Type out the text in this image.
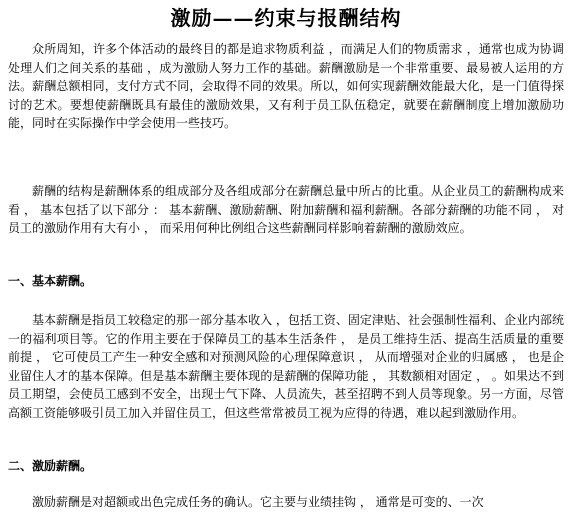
激励——约束与报酬结构
众所周知，许多个体活动的最终目的都是追求物质利益 ，而满足人们的物质需求 ，通常也成为协调处理人们之间关系的基础 ，成为激励人努力工作的基础。薪酬激励是一个非常重要、最易被人运用的方法。薪酬总额相同，支付方式不同，会取得不同的效果。所以，如何实现薪酬效能最大化，是一门值得探讨的艺术。要想使薪酬既具有最佳的激励效果，又有利于员工队伍稳定，就要在薪酬制度上增加激励功能，同时在实际操作中学会使用一些技巧。
薪酬的结构是薪酬体系的组成部分及各组成部分在薪酬总量中所占的比重。从企业员工的薪酬构成来看 ， 基本包括了以下部分 ： 基本薪酬、激励薪酬、附加薪酬和福利薪酬。各部分薪酬的功能不同 ， 对员工的激励作用有大有小 ， 而采用何种比例组合这些薪酬同样影响着薪酬的激励效应。
一、基本薪酬。
基本薪酬是指员工较稳定的那一部分基本收入 ，包括工资、固定津贴、社会强制性福利、企业内部统一的福利项目等。它的作用主要在于保障员工的基本生活条件 ， 是员工维持生活、提高生活质量的重要前提 ， 它可使员工产生一种安全感和对预测风险的心理保障意识 ， 从而增强对企业的归属感 ， 也是企业留住人才的基本保障。但是基本薪酬主要体现的是薪酬的保障功能 ， 其数额相对固定 ， 。如果达不到员工期望，会使员工感到不安全，出现士气下降、人员流失，甚至招聘不到人员等现象。另一方面，尽管高额工资能够吸引员工加入并留住员工，但这些常常被员工视为应得的待遇，难以起到激励作用。
二、激励薪酬。
激励薪酬是对超额或出色完成任务的确认。它主要与业绩挂钩 ， 通常是可变的、一次
